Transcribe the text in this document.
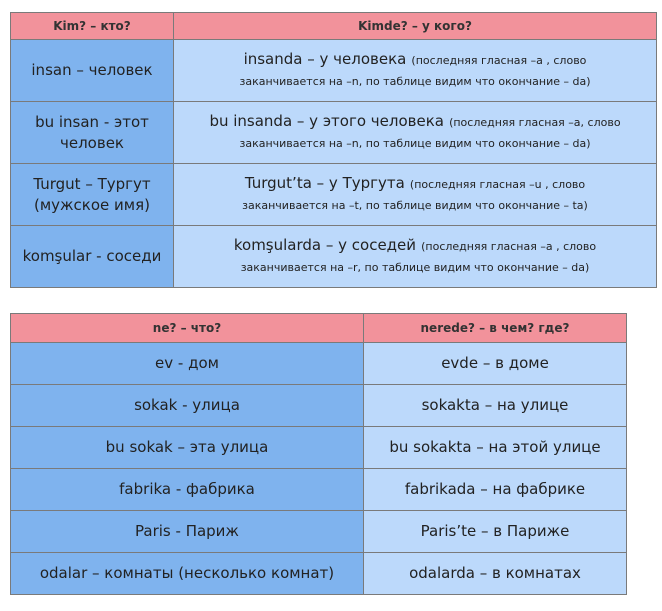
Kim? – кто?	Kimde? – у кого?
insan – человек	insanda – у человека (последняя гласная –a , слово
заканчивается на –n, по таблице видим что окончание – da)

bu insan - этот человек	bu insanda – у этого человека (последняя гласная –a, слово
заканчивается на –n, по таблице видим что окончание – da)

Turgut – Тургут (мужское имя)	Turgut’ta – у Тургута (последняя гласная –u , слово
заканчивается на –t, по таблице видим что окончание – ta)

komşular - соседи	komşularda – у соседей (последняя гласная –a , слово
заканчивается на –r, по таблице видим что окончание – da)
ne? – что?	nerede? – в чем? где?
ev - дом	evde – в доме
sokak - улица	sokakta – на улице
bu sokak – эта улица	bu sokakta – на этой улице
fabrika - фабрика	fabrikada – на фабрике
Paris - Париж	Paris’te – в Париже
odalar – комнаты (несколько комнат)	odalarda – в комнатах
